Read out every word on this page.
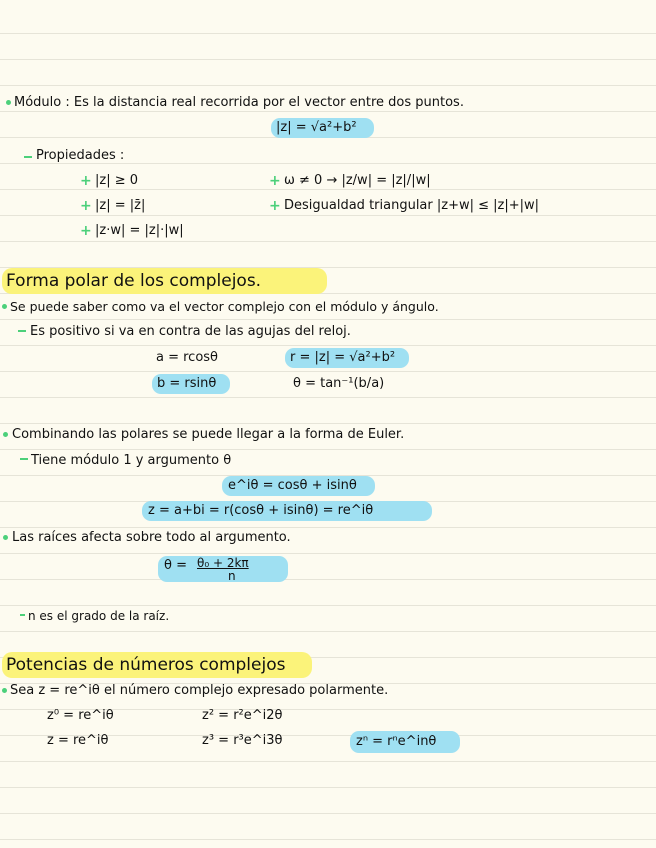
Módulo : Es la distancia real recorrida por el vector entre dos puntos.
|z| = √a²+b²
Propiedades :
+ |z| ≥ 0
+ |z| = |z̄|
+ |z·w| = |z|·|w|
+ ω ≠ 0 → |z/w| = |z|/|w|
+ Desigualdad triangular |z+w| ≤ |z|+|w|
Forma polar de los complejos.
Se puede saber como va el vector complejo con el módulo y ángulo.
Es positivo si va en contra de las agujas del reloj.
a = rcosθ	r = |z| = √a²+b²
b = rsinθ	θ = tan⁻¹(b/a)
Combinando las polares se puede llegar a la forma de Euler.
Tiene módulo 1 y argumento θ
e^iθ = cosθ + isinθ
z = a+bi = r(cosθ + isinθ) = re^iθ
Las raíces afecta sobre todo al argumento.
θ = θ₀ + 2kπ
n
n es el grado de la raíz.
Potencias de números complejos
Sea z = re^iθ el número complejo expresado polarmente.
z⁰ = re^iθ	z² = r²e^i2θ
z = re^iθ	z³ = r³e^i3θ	zⁿ = rⁿe^inθ
